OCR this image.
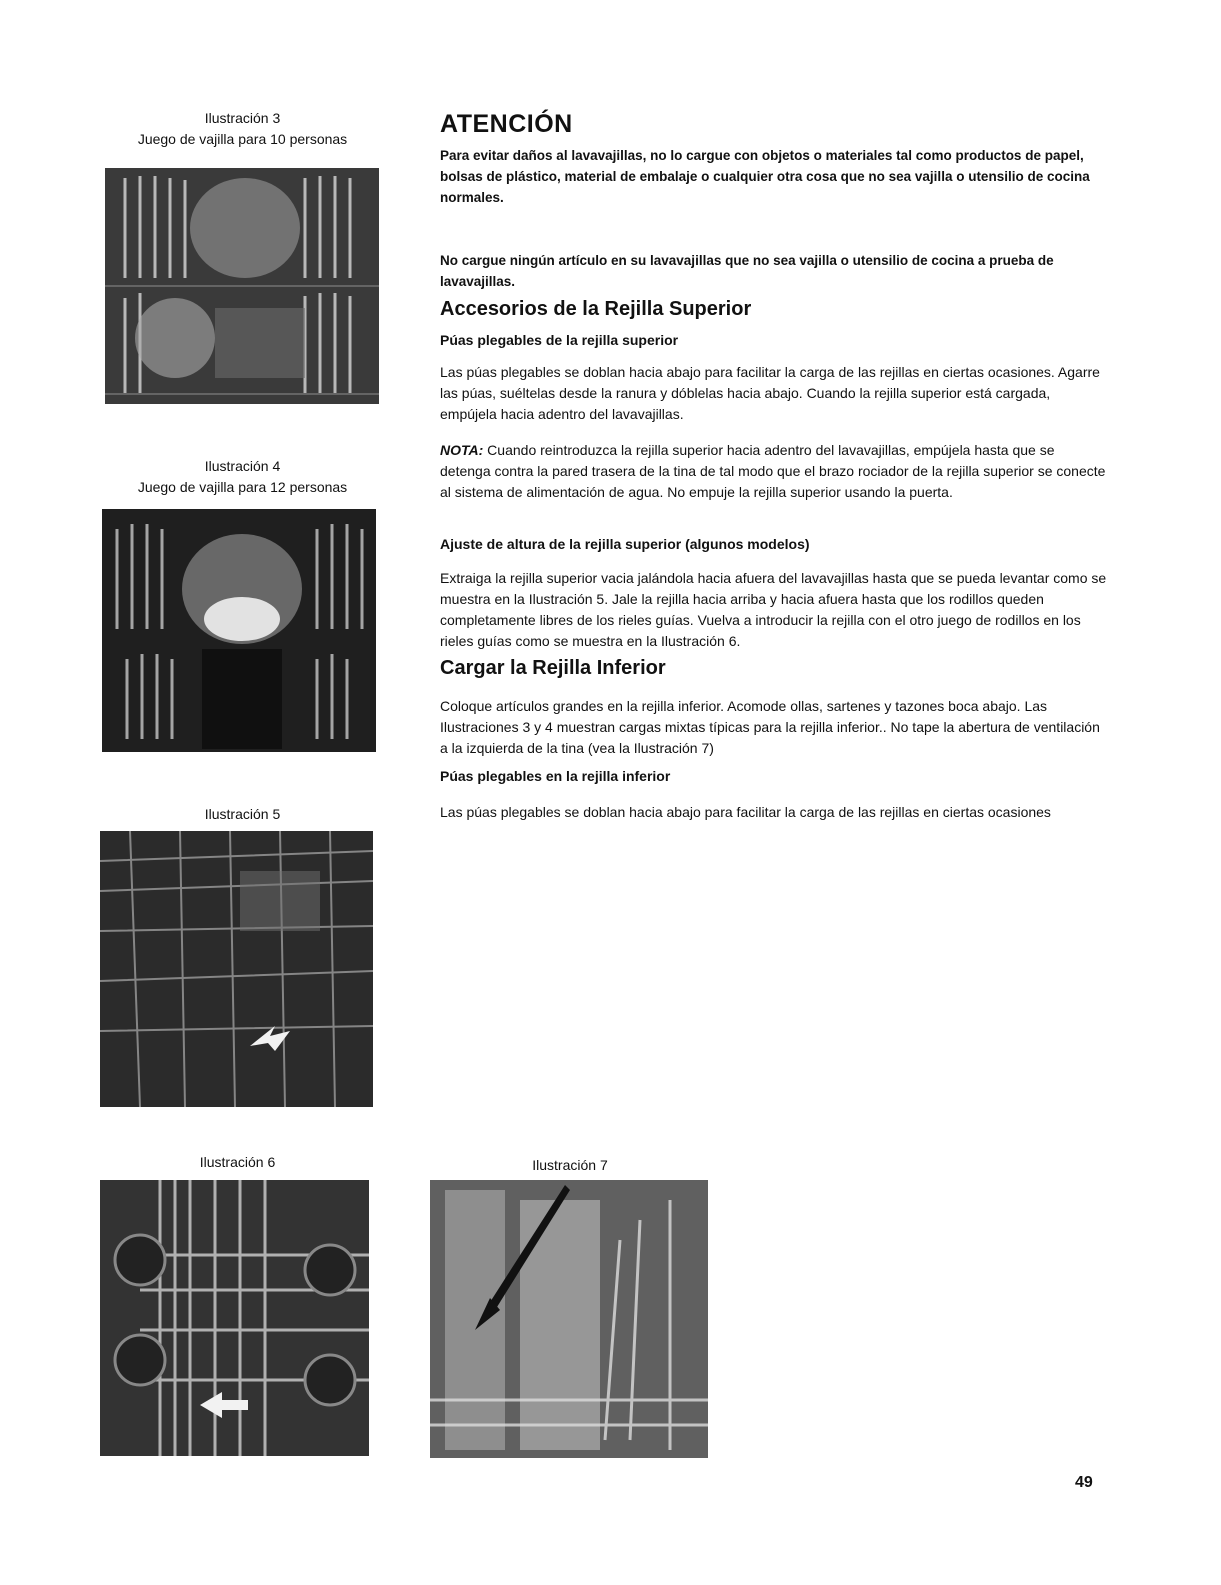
Ilustración 3
Juego de vajilla para 10 personas
Ilustración 4
Juego de vajilla para 12 personas
Ilustración 5
Ilustración 6	Ilustración 7
ATENCIÓN

Para evitar daños al lavavajillas, no lo cargue con objetos o materiales tal como productos de papel, bolsas de plástico, material de embalaje o cualquier otra cosa que no sea vajilla o utensilio de cocina normales.

No cargue ningún artículo en su lavavajillas que no sea vajilla o utensilio de cocina a prueba de lavavajillas.

Accesorios de la Rejilla Superior
Púas plegables de la rejilla superior

Las púas plegables se doblan hacia abajo para facilitar la carga de las rejillas en ciertas ocasiones. Agarre las púas, suéltelas desde la ranura y dóblelas hacia abajo. Cuando la rejilla superior está cargada, empújela hacia adentro del lavavajillas.

NOTA: Cuando reintroduzca la rejilla superior hacia adentro del lavavajillas, empújela hasta que se detenga contra la pared trasera de la tina de tal modo que el brazo rociador de la rejilla superior se conecte al sistema de alimentación de agua. No empuje la rejilla superior usando la puerta.

Ajuste de altura de la rejilla superior (algunos modelos)

Extraiga la rejilla superior vacia jalándola hacia afuera del lavavajillas hasta que se pueda levantar como se muestra en la Ilustración 5. Jale la rejilla hacia arriba y hacia afuera hasta que los rodillos queden completamente libres de los rieles guías. Vuelva a introducir la rejilla con el otro juego de rodillos en los rieles guías como se muestra en la Ilustración 6.

Cargar la Rejilla Inferior

Coloque artículos grandes en la rejilla inferior. Acomode ollas, sartenes y tazones boca abajo. Las Ilustraciones 3 y 4 muestran cargas mixtas típicas para la rejilla inferior.. No tape la abertura de ventilación a la izquierda de la tina (vea la Ilustración 7)

Púas plegables en la rejilla inferior

Las púas plegables se doblan hacia abajo para facilitar la carga de las rejillas en ciertas ocasiones

49
